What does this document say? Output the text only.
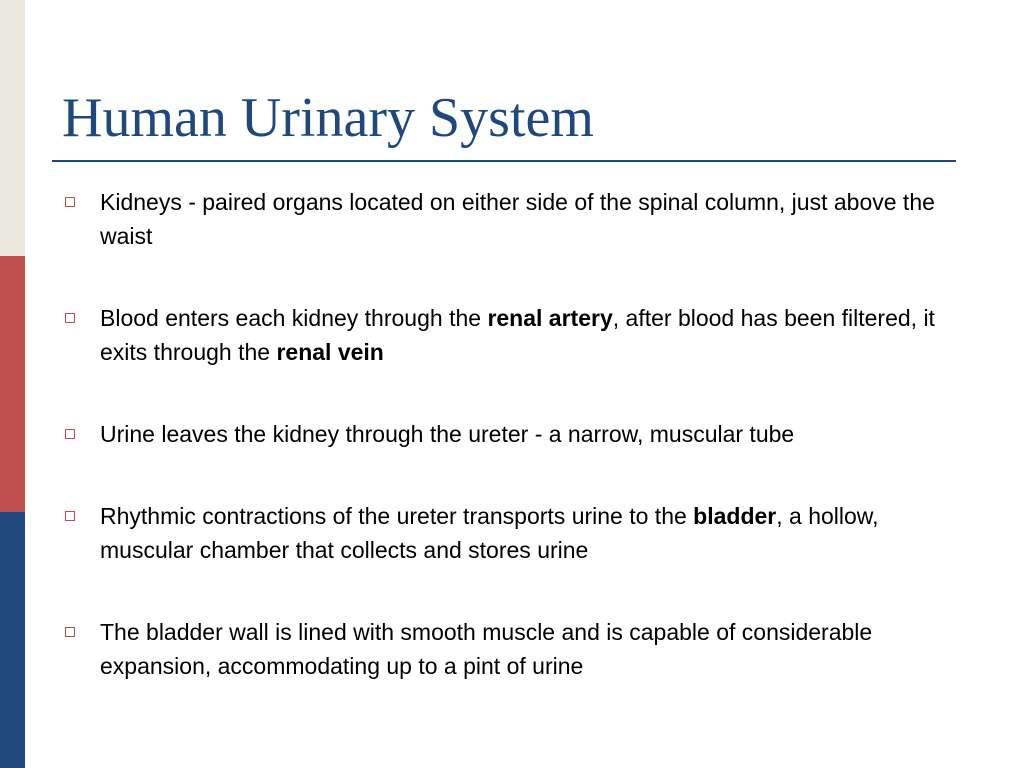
Human Urinary System
Kidneys - paired organs located on either side of the spinal column, just above the waist
Blood enters each kidney through the renal artery, after blood has been filtered, it exits through the renal vein
Urine leaves the kidney through the ureter - a narrow, muscular tube
Rhythmic contractions of the ureter transports urine to the bladder, a hollow, muscular chamber that collects and stores urine
The bladder wall is lined with smooth muscle and is capable of considerable expansion, accommodating up to a pint of urine
